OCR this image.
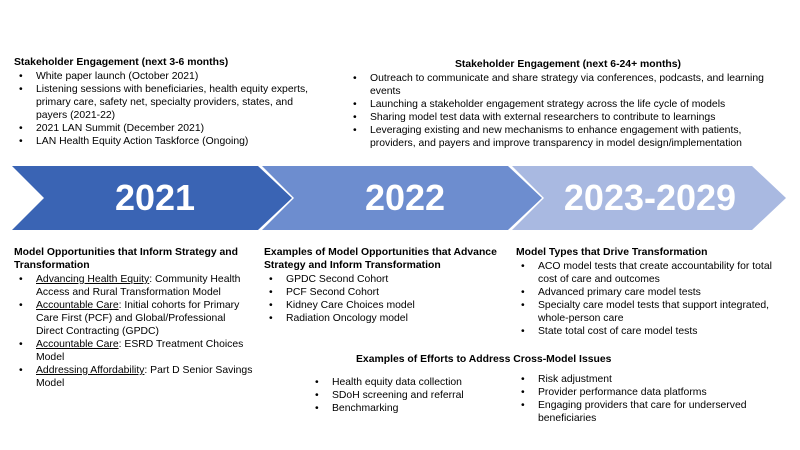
Stakeholder Engagement (next 3-6 months)
• White paper launch (October 2021)
• Listening sessions with beneficiaries, health equity experts, primary care, safety net, specialty providers, states, and payers (2021-22)
• 2021 LAN Summit (December 2021)
• LAN Health Equity Action Taskforce (Ongoing)
Stakeholder Engagement (next 6-24+ months)
• Outreach to communicate and share strategy via conferences, podcasts, and learning events
• Launching a stakeholder engagement strategy across the life cycle of models
• Sharing model test data with external researchers to contribute to learnings
• Leveraging existing and new mechanisms to enhance engagement with patients, providers, and payers and improve transparency in model design/implementation
2021	2022	2023-2029
Model Opportunities that Inform Strategy and Transformation
• Advancing Health Equity: Community Health Access and Rural Transformation Model
• Accountable Care: Initial cohorts for Primary Care First (PCF) and Global/Professional Direct Contracting (GPDC)
• Accountable Care: ESRD Treatment Choices Model
• Addressing Affordability: Part D Senior Savings Model
Examples of Model Opportunities that Advance Strategy and Inform Transformation
• GPDC Second Cohort
• PCF Second Cohort
• Kidney Care Choices model
• Radiation Oncology model
Model Types that Drive Transformation
• ACO model tests that create accountability for total cost of care and outcomes
• Advanced primary care model tests
• Specialty care model tests that support integrated, whole-person care
• State total cost of care model tests
Examples of Efforts to Address Cross-Model Issues
• Health equity data collection
• SDoH screening and referral
• Benchmarking
• Risk adjustment
• Provider performance data platforms
• Engaging providers that care for underserved beneficiaries
